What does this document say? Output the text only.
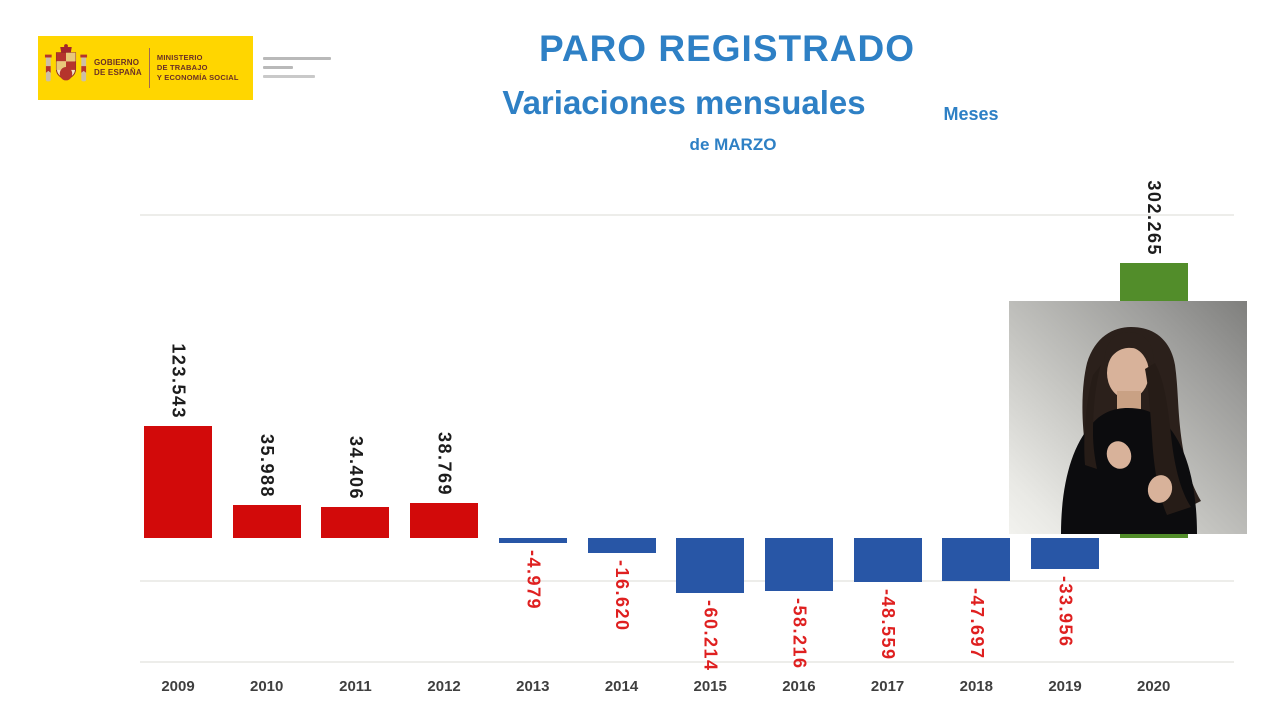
GOBIERNO
DE ESPAÑA
MINISTERIO
DE TRABAJO
Y ECONOMÍA SOCIAL
PARO REGISTRADO
Variaciones mensuales	Meses
de MARZO
123.543
2009
35.988
2010
34.406
2011
38.769
2012
-4.979
2013
-16.620
2014
-60.214
2015
-58.216
2016
-48.559
2017
-47.697
2018
-33.956
2019
302.265
2020
